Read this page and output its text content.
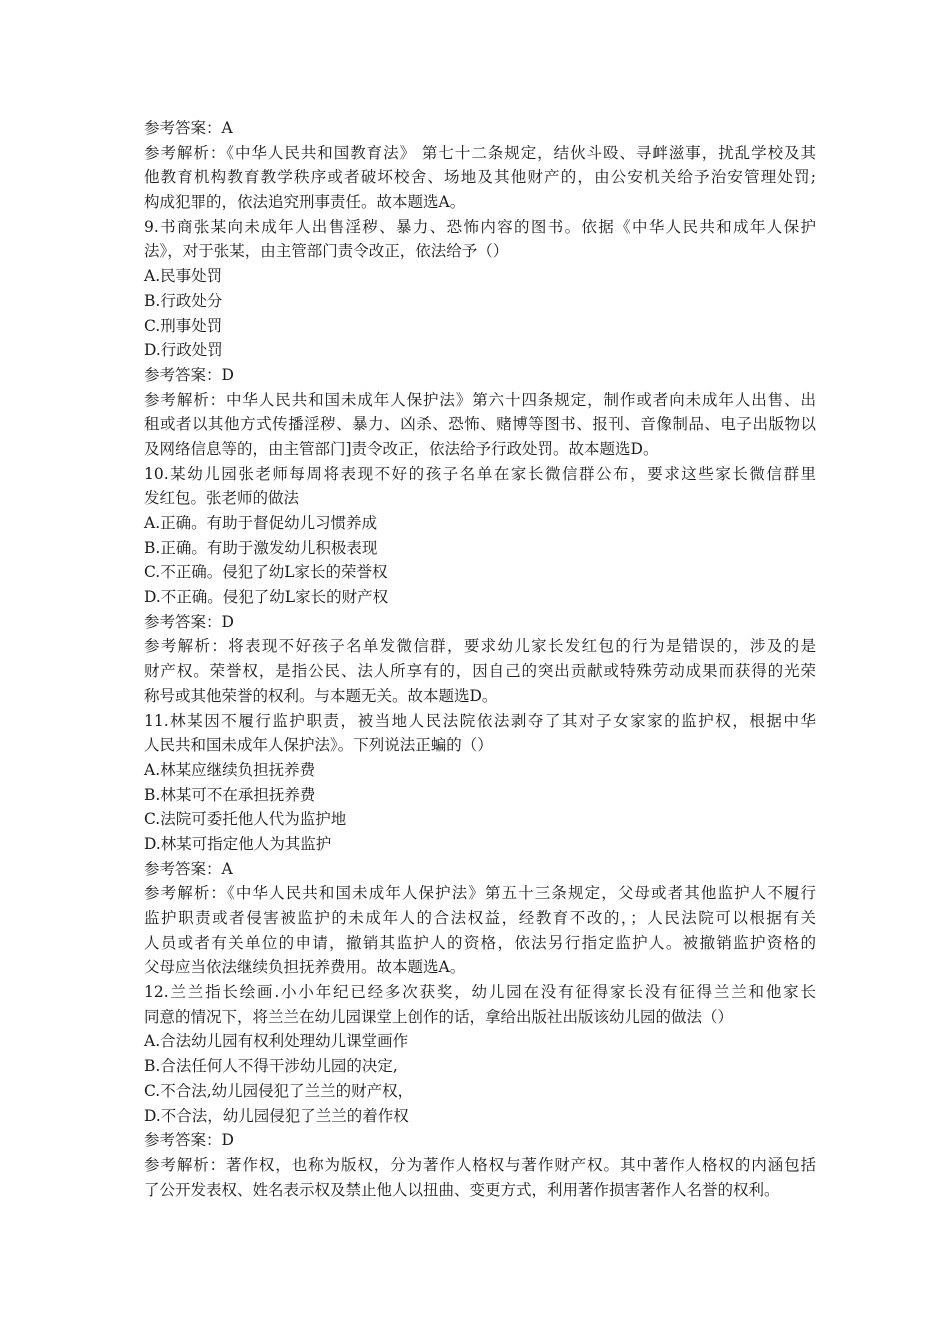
参考答案：A
参考解析：《中华人民共和国教育法》 第七十二条规定，结伙斗殴、寻衅滋事，扰乱学校及其
他教育机构教育教学秩序或者破坏校舍、场地及其他财产的，由公安机关给予治安管理处罚;
构成犯罪的，依法追究刑事责任。故本题选A。
9.书商张某向未成年人出售淫秽、暴力、恐怖内容的图书。依据《中华人民共和成年人保护
法》，对于张某，由主管部门责令改正，依法给予（）
A.民事处罚
B.行政处分
C.刑事处罚
D.行政处罚
参考答案：D
参考解析：中华人民共和国未成年人保护法》第六十四条规定，制作或者向未成年人出售、出
租或者以其他方式传播淫秽、暴力、凶杀、恐怖、赌博等图书、报刊、音像制品、电子出版物以
及网络信息等的，由主管部门]责令改正，依法给予行政处罚。故本题选D。
10.某幼儿园张老师每周将表现不好的孩子名单在家长微信群公布，要求这些家长微信群里
发红包。张老师的做法
A.正确。有助于督促幼儿习惯养成
B.正确。有助于激发幼儿积极表现
C.不正确。侵犯了幼L家长的荣誉权
D.不正确。侵犯了幼L家长的财产权
参考答案：D
参考解析：将表现不好孩子名单发微信群，要求幼儿家长发红包的行为是错误的，涉及的是
财产权。荣誉权，是指公民、法人所享有的，因自己的突出贡献或特殊劳动成果而获得的光荣
称号或其他荣誉的权利。与本题无关。故本题选D。
11.林某因不履行监护职责，被当地人民法院依法剥夺了其对子女家家的监护权，根据中华
人民共和国未成年人保护法》。下列说法正蝙的（）
A.林某应继续负担抚养费
B.林某可不在承担抚养费
C.法院可委托他人代为监护地
D.林某可指定他人为其监护
参考答案：A
参考解析：《中华人民共和国未成年人保护法》第五十三条规定，父母或者其他监护人不履行
监护职责或者侵害被监护的未成年人的合法权益，经教育不改的，；人民法院可以根据有关
人员或者有关单位的申请，撤销其监护人的资格，依法另行指定监护人。被撤销监护资格的
父母应当依法继续负担抚养费用。故本题选A。
12.兰兰指长绘画.小小年纪已经多次获奖，幼儿园在没有征得家长没有征得兰兰和他家长
同意的情况下，将兰兰在幼儿园课堂上创作的话，拿给出版社出版该幼儿园的做法（）
A.合法幼儿园有权利处理幼儿课堂画作
B.合法任何人不得干涉幼儿园的决定,
C.不合法,幼儿园侵犯了兰兰的财产权，
D.不合法，幼儿园侵犯了兰兰的着作权
参考答案：D
参考解析：著作权，也称为版权，分为著作人格权与著作财产权。其中著作人格权的内涵包括
了公开发表权、姓名表示权及禁止他人以扭曲、变更方式，利用著作损害著作人名誉的权利。
